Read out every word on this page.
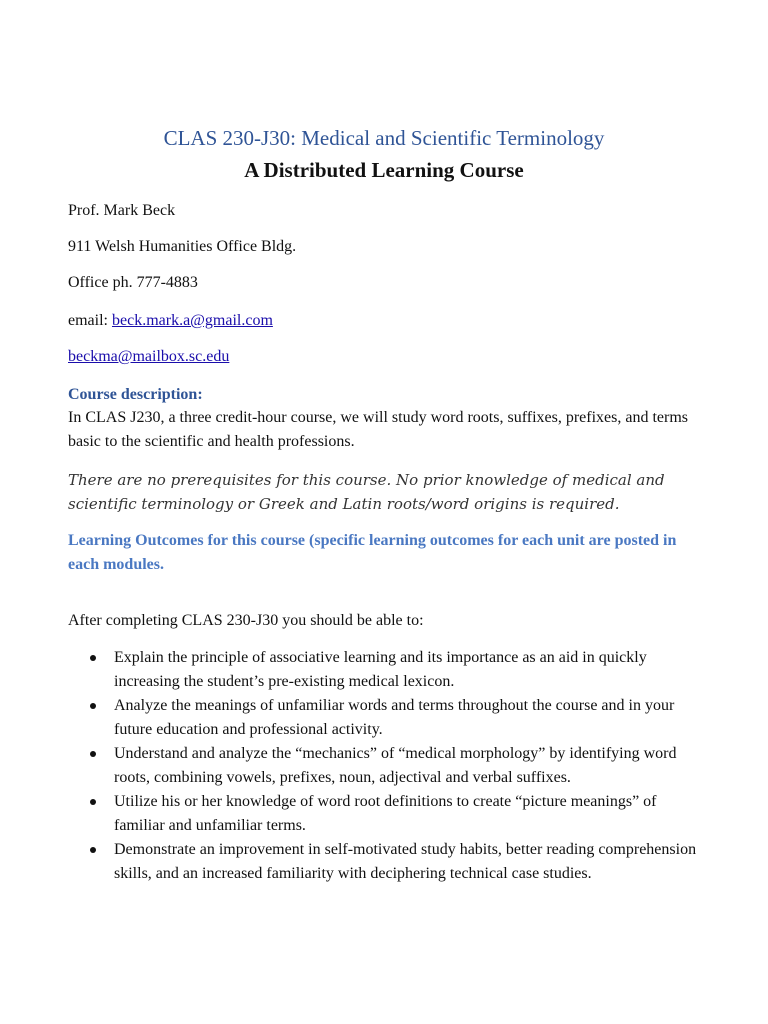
CLAS 230-J30: Medical and Scientific Terminology
A Distributed Learning Course
Prof. Mark Beck
911 Welsh Humanities Office Bldg.
Office ph. 777-4883
email: beck.mark.a@gmail.com
beckma@mailbox.sc.edu
Course description:
In CLAS J230, a three credit-hour course, we will study word roots, suffixes, prefixes, and terms basic to the scientific and health professions.
There are no prerequisites for this course. No prior knowledge of medical and scientific terminology or Greek and Latin roots/word origins is required.
Learning Outcomes for this course (specific learning outcomes for each unit are posted in each modules.
After completing CLAS 230-J30 you should be able to:
Explain the principle of associative learning and its importance as an aid in quickly increasing the student’s pre-existing medical lexicon.
Analyze the meanings of unfamiliar words and terms throughout the course and in your future education and professional activity.
Understand and analyze the “mechanics” of “medical morphology” by identifying word roots, combining vowels, prefixes, noun, adjectival and verbal suffixes.
Utilize his or her knowledge of word root definitions to create “picture meanings” of familiar and unfamiliar terms.
Demonstrate an improvement in self-motivated study habits, better reading comprehension skills, and an increased familiarity with deciphering technical case studies.
